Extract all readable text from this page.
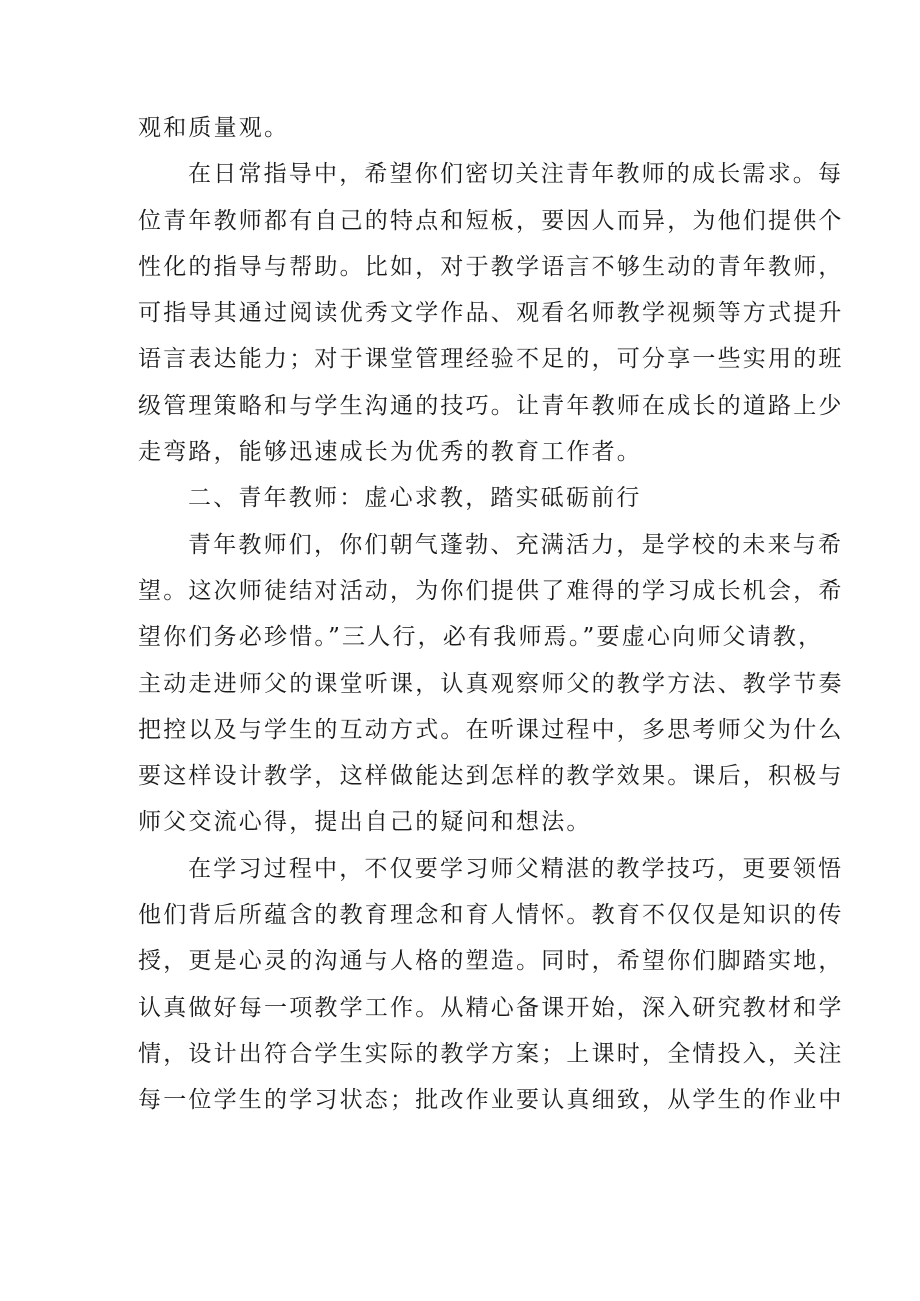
观和质量观。
在日常指导中，希望你们密切关注青年教师的成长需求。每
位青年教师都有自己的特点和短板，要因人而异，为他们提供个
性化的指导与帮助。比如，对于教学语言不够生动的青年教师，
可指导其通过阅读优秀文学作品、观看名师教学视频等方式提升
语言表达能力；对于课堂管理经验不足的，可分享一些实用的班
级管理策略和与学生沟通的技巧。让青年教师在成长的道路上少
走弯路，能够迅速成长为优秀的教育工作者。
二、青年教师：虚心求教，踏实砥砺前行
青年教师们，你们朝气蓬勃、充满活力，是学校的未来与希
望。这次师徒结对活动，为你们提供了难得的学习成长机会，希
望你们务必珍惜。”三人行，必有我师焉。”要虚心向师父请教，
主动走进师父的课堂听课，认真观察师父的教学方法、教学节奏
把控以及与学生的互动方式。在听课过程中，多思考师父为什么
要这样设计教学，这样做能达到怎样的教学效果。课后，积极与
师父交流心得，提出自己的疑问和想法。
在学习过程中，不仅要学习师父精湛的教学技巧，更要领悟
他们背后所蕴含的教育理念和育人情怀。教育不仅仅是知识的传
授，更是心灵的沟通与人格的塑造。同时，希望你们脚踏实地，
认真做好每一项教学工作。从精心备课开始，深入研究教材和学
情，设计出符合学生实际的教学方案；上课时，全情投入，关注
每一位学生的学习状态；批改作业要认真细致，从学生的作业中
